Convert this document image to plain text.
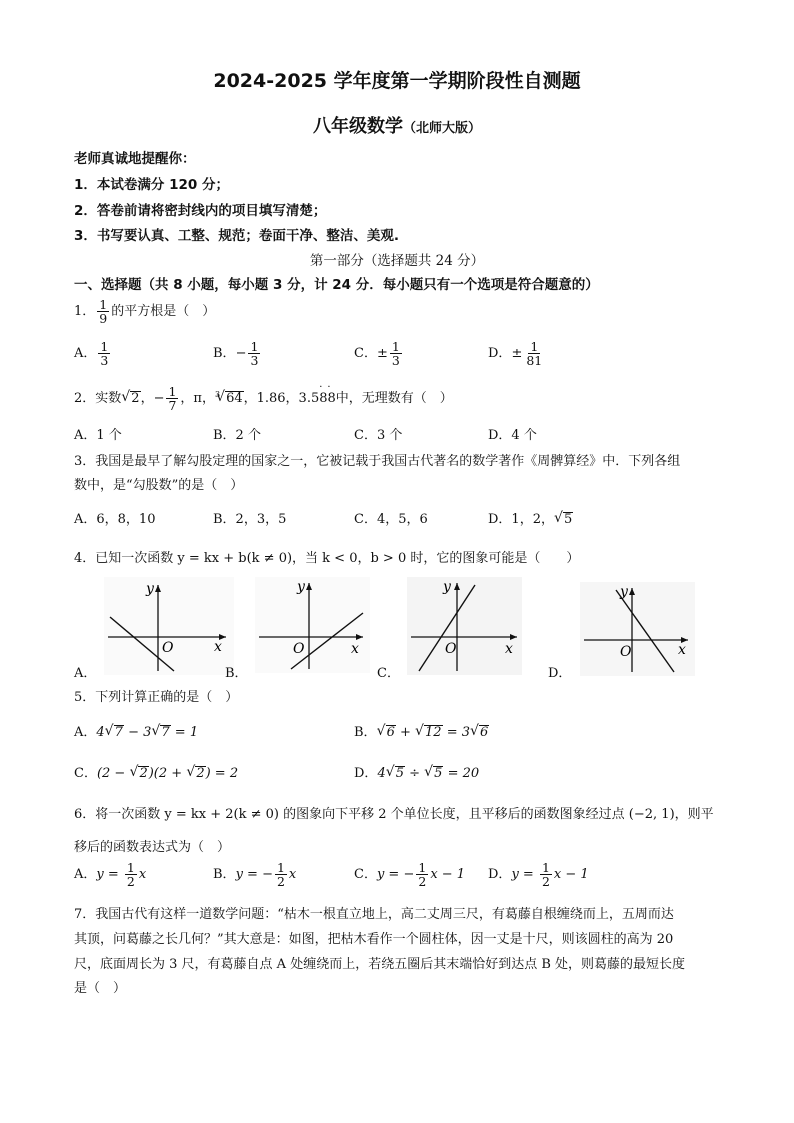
2024-2025 学年度第一学期阶段性自测题
八年级数学（北师大版）
老师真诚地提醒你：
1．本试卷满分 120 分；
2．答卷前请将密封线内的项目填写清楚；
3．书写要认真、工整、规范；卷面干净、整洁、美观.
第一部分（选择题共 24 分）
一、选择题（共 8 小题，每小题 3 分，计 24 分．每小题只有一个选项是符合题意的）
1． $\frac{1}{9}$ 的平方根是（　）
A． $\frac{1}{3}$	B．− $\frac{1}{3}$	C．± $\frac{1}{3}$	D．± $\frac{1}{81}$
2．实数 √ 2，− $\frac{1}{7}$ ，π，$^3$ √ 64，1.86，3.588
··
中，无理数有（　）
A．1 个	B．2 个	C．3 个	D．4 个
3．我国是最早了解勾股定理的国家之一，它被记载于我国古代著名的数学著作《周髀算经》中．下列各组
数中，是“勾股数”的是（　）
A．6，8，10	B．2，3，5	C．4，5，6	D．1，2， √ 5
4．已知一次函数 y = kx + b(k ≠ 0)，当 k < 0，b > 0 时，它的图象可能是（　　）
y
x
O
A．
y
x
O
B．
y
x
O
C．
y
x
O
D．
5．下列计算正确的是（　）
A．4 √ 7 − 3 √ 7 = 1	B． √ 6 + √ 12 = 3 √ 6
C．(2 − √ 2)(2 + √ 2) = 2	D．4 √ 5 ÷ √ 5 = 20
6．将一次函数 y = kx + 2(k ≠ 0) 的图象向下平移 2 个单位长度，且平移后的函数图象经过点 (−2, 1)，则平
移后的函数表达式为（　）
A．$y = \frac{1}{2}$ x	B．y = − $\frac{1}{2}$ x	C．y = − $\frac{1}{2}$ x − 1 D．$y = \frac{1}{2}$ x − 1
7．我国古代有这样一道数学问题：“枯木一根直立地上，高二丈周三尺，有葛藤自根缠绕而上，五周而达
其顶，问葛藤之长几何？”其大意是：如图，把枯木看作一个圆柱体，因一丈是十尺，则该圆柱的高为 20
尺，底面周长为 3 尺，有葛藤自点 A 处缠绕而上，若绕五圈后其末端恰好到达点 B 处，则葛藤的最短长度
是（　）
